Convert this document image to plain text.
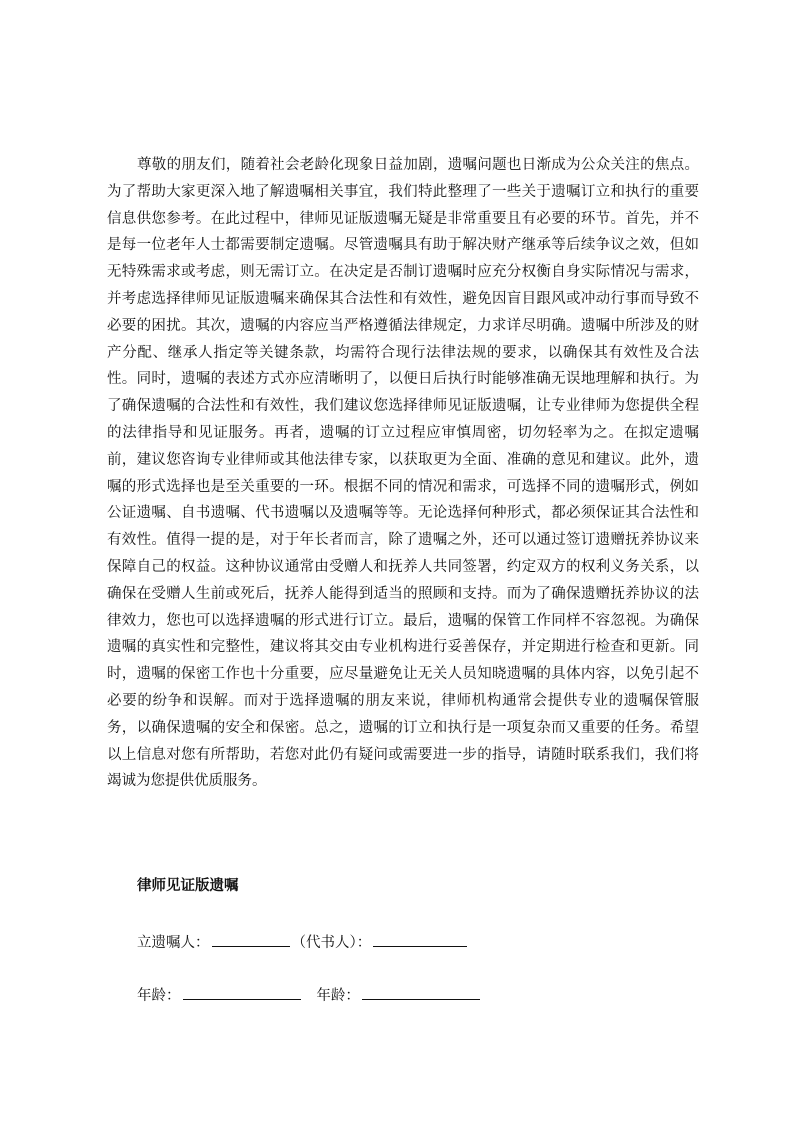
尊敬的朋友们，随着社会老龄化现象日益加剧，遗嘱问题也日渐成为公众关注的焦点。为了帮助大家更深入地了解遗嘱相关事宜，我们特此整理了一些关于遗嘱订立和执行的重要信息供您参考。在此过程中，律师见证版遗嘱无疑是非常重要且有必要的环节。首先，并不是每一位老年人士都需要制定遗嘱。尽管遗嘱具有助于解决财产继承等后续争议之效，但如无特殊需求或考虑，则无需订立。在决定是否制订遗嘱时应充分权衡自身实际情况与需求，并考虑选择律师见证版遗嘱来确保其合法性和有效性，避免因盲目跟风或冲动行事而导致不必要的困扰。其次，遗嘱的内容应当严格遵循法律规定，力求详尽明确。遗嘱中所涉及的财产分配、继承人指定等关键条款，均需符合现行法律法规的要求，以确保其有效性及合法性。同时，遗嘱的表述方式亦应清晰明了，以便日后执行时能够准确无误地理解和执行。为了确保遗嘱的合法性和有效性，我们建议您选择律师见证版遗嘱，让专业律师为您提供全程的法律指导和见证服务。再者，遗嘱的订立过程应审慎周密，切勿轻率为之。在拟定遗嘱前，建议您咨询专业律师或其他法律专家，以获取更为全面、准确的意见和建议。此外，遗嘱的形式选择也是至关重要的一环。根据不同的情况和需求，可选择不同的遗嘱形式，例如公证遗嘱、自书遗嘱、代书遗嘱以及遗嘱等等。无论选择何种形式，都必须保证其合法性和有效性。值得一提的是，对于年长者而言，除了遗嘱之外，还可以通过签订遗赠抚养协议来保障自己的权益。这种协议通常由受赠人和抚养人共同签署，约定双方的权利义务关系，以确保在受赠人生前或死后，抚养人能得到适当的照顾和支持。而为了确保遗赠抚养协议的法律效力，您也可以选择遗嘱的形式进行订立。最后，遗嘱的保管工作同样不容忽视。为确保遗嘱的真实性和完整性，建议将其交由专业机构进行妥善保存，并定期进行检查和更新。同时，遗嘱的保密工作也十分重要，应尽量避免让无关人员知晓遗嘱的具体内容，以免引起不必要的纷争和误解。而对于选择遗嘱的朋友来说，律师机构通常会提供专业的遗嘱保管服务，以确保遗嘱的安全和保密。总之，遗嘱的订立和执行是一项复杂而又重要的任务。希望以上信息对您有所帮助，若您对此仍有疑问或需要进一步的指导，请随时联系我们，我们将竭诚为您提供优质服务。

律师见证版遗嘱
立遗嘱人：	（代书人）：
年龄：	年龄：
